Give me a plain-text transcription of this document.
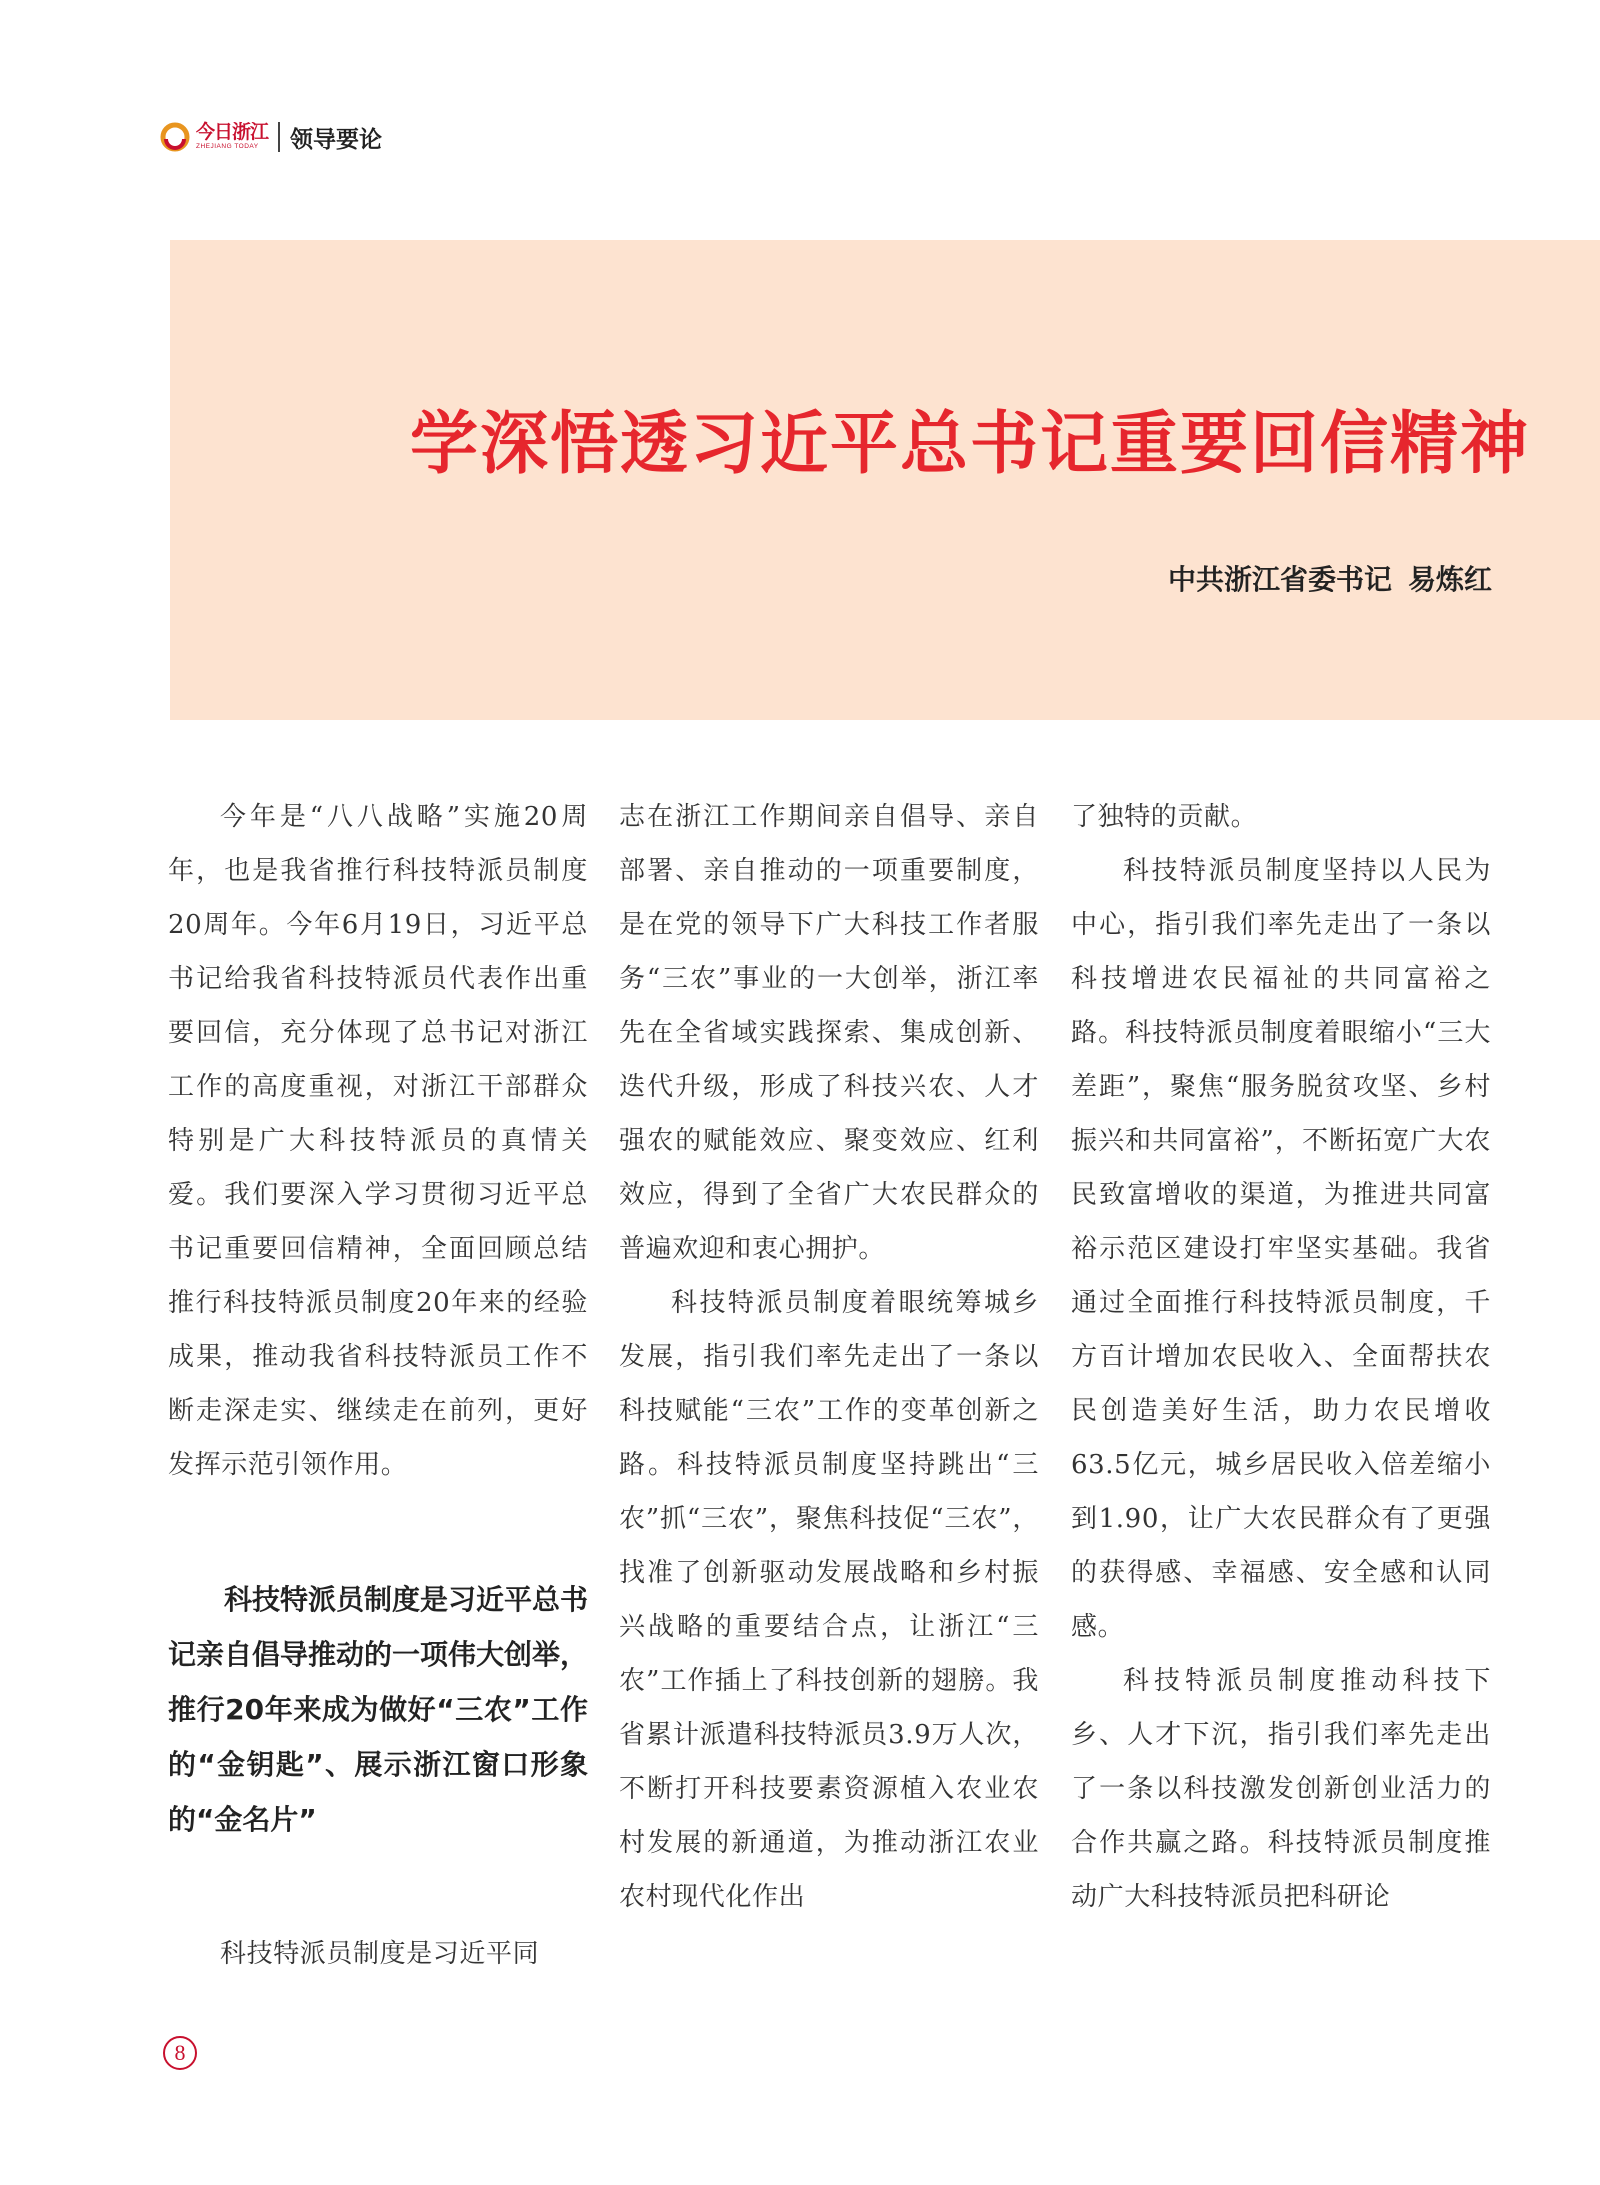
今日浙江
ZHEJIANG TODAY	领导要论
学深悟透习近平总书记重要回信精神
中共浙江省委书记 易炼红

今年是“八八战略”实施20周年，也是我省推行科技特派员制度20周年。今年6月19日，习近平总书记给我省科技特派员代表作出重要回信，充分体现了总书记对浙江工作的高度重视，对浙江干部群众特别是广大科技特派员的真情关爱。我们要深入学习贯彻习近平总书记重要回信精神，全面回顾总结推行科技特派员制度20年来的经验成果，推动我省科技特派员工作不断走深走实、继续走在前列，更好发挥示范引领作用。

科技特派员制度是习近平总书记亲自倡导推动的一项伟大创举，推行20年来成为做好“三农”工作的“金钥匙”、展示浙江窗口形象的“金名片”

科技特派员制度是习近平同

志在浙江工作期间亲自倡导、亲自部署、亲自推动的一项重要制度，是在党的领导下广大科技工作者服务“三农”事业的一大创举，浙江率先在全省域实践探索、集成创新、迭代升级，形成了科技兴农、人才强农的赋能效应、聚变效应、红利效应，得到了全省广大农民群众的普遍欢迎和衷心拥护。

科技特派员制度着眼统筹城乡发展，指引我们率先走出了一条以科技赋能“三农”工作的变革创新之路。科技特派员制度坚持跳出“三农”抓“三农”，聚焦科技促“三农”，找准了创新驱动发展战略和乡村振兴战略的重要结合点，让浙江“三农”工作插上了科技创新的翅膀。我省累计派遣科技特派员3.9万人次，不断打开科技要素资源植入农业农村发展的新通道，为推动浙江农业农村现代化作出

了独特的贡献。

科技特派员制度坚持以人民为中心，指引我们率先走出了一条以科技增进农民福祉的共同富裕之路。科技特派员制度着眼缩小“三大差距”，聚焦“服务脱贫攻坚、乡村振兴和共同富裕”，不断拓宽广大农民致富增收的渠道，为推进共同富裕示范区建设打牢坚实基础。我省通过全面推行科技特派员制度，千方百计增加农民收入、全面帮扶农民创造美好生活，助力农民增收63.5亿元，城乡居民收入倍差缩小到1.90，让广大农民群众有了更强的获得感、幸福感、安全感和认同感。

科技特派员制度推动科技下乡、人才下沉，指引我们率先走出了一条以科技激发创新创业活力的合作共赢之路。科技特派员制度推动广大科技特派员把科研论

8
